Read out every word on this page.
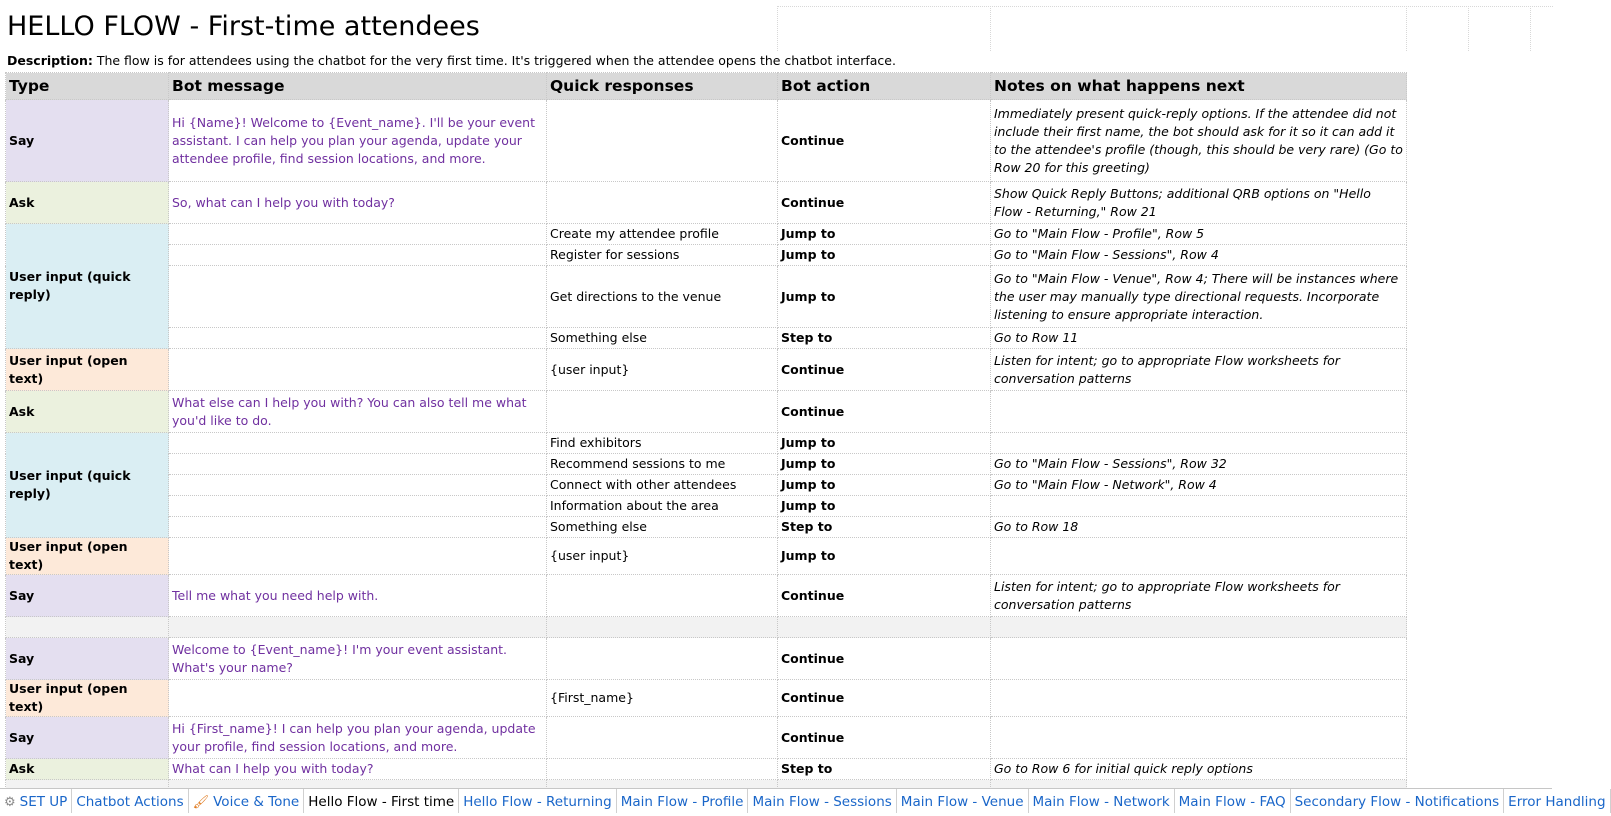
HELLO FLOW - First-time attendees
Description: The flow is for attendees using the chatbot for the very first time. It's triggered when the attendee opens the chatbot interface.
Type	Bot message	Quick responses	Bot action	Notes on what happens next
Say	Hi {Name}! Welcome to {Event_name}. I'll be your event assistant. I can help you plan your agenda, update your attendee profile, find session locations, and more.		Continue	Immediately present quick-reply options. If the attendee did not include their first name, the bot should ask for it so it can add it to the attendee's profile (though, this should be very rare) (Go to Row 20 for this greeting)
Ask	So, what can I help you with today?		Continue	Show Quick Reply Buttons; additional QRB options on "Hello Flow - Returning," Row 21
User input (quick reply)		Create my attendee profile	Jump to	Go to "Main Flow - Profile", Row 5
		Register for sessions	Jump to	Go to "Main Flow - Sessions", Row 4
		Get directions to the venue	Jump to	Go to "Main Flow - Venue", Row 4; There will be instances where the user may manually type directional requests. Incorporate listening to ensure appropriate interaction.
		Something else	Step to	Go to Row 11
User input (open text)		{user input}	Continue	Listen for intent; go to appropriate Flow worksheets for conversation patterns
Ask	What else can I help you with? You can also tell me what you'd like to do.		Continue	
User input (quick reply)		Find exhibitors	Jump to	
		Recommend sessions to me	Jump to	Go to "Main Flow - Sessions", Row 32
		Connect with other attendees	Jump to	Go to "Main Flow - Network", Row 4
		Information about the area	Jump to	
		Something else	Step to	Go to Row 18
User input (open text)		{user input}	Jump to	
Say	Tell me what you need help with.		Continue	Listen for intent; go to appropriate Flow worksheets for conversation patterns

Say	Welcome to {Event_name}! I'm your event assistant. What's your name?		Continue	
User input (open text)		{First_name}	Continue	
Say	Hi {First_name}! I can help you plan your agenda, update your profile, find session locations, and more.		Continue	
Ask	What can I help you with today?		Step to	Go to Row 6 for initial quick reply options

⚙ SET UP Chatbot Actions 🖌 Voice & Tone Hello Flow - First time Hello Flow - Returning Main Flow - Profile Main Flow - Sessions Main Flow - Venue Main Flow - Network Main Flow - FAQ Secondary Flow - Notifications Error Handling
